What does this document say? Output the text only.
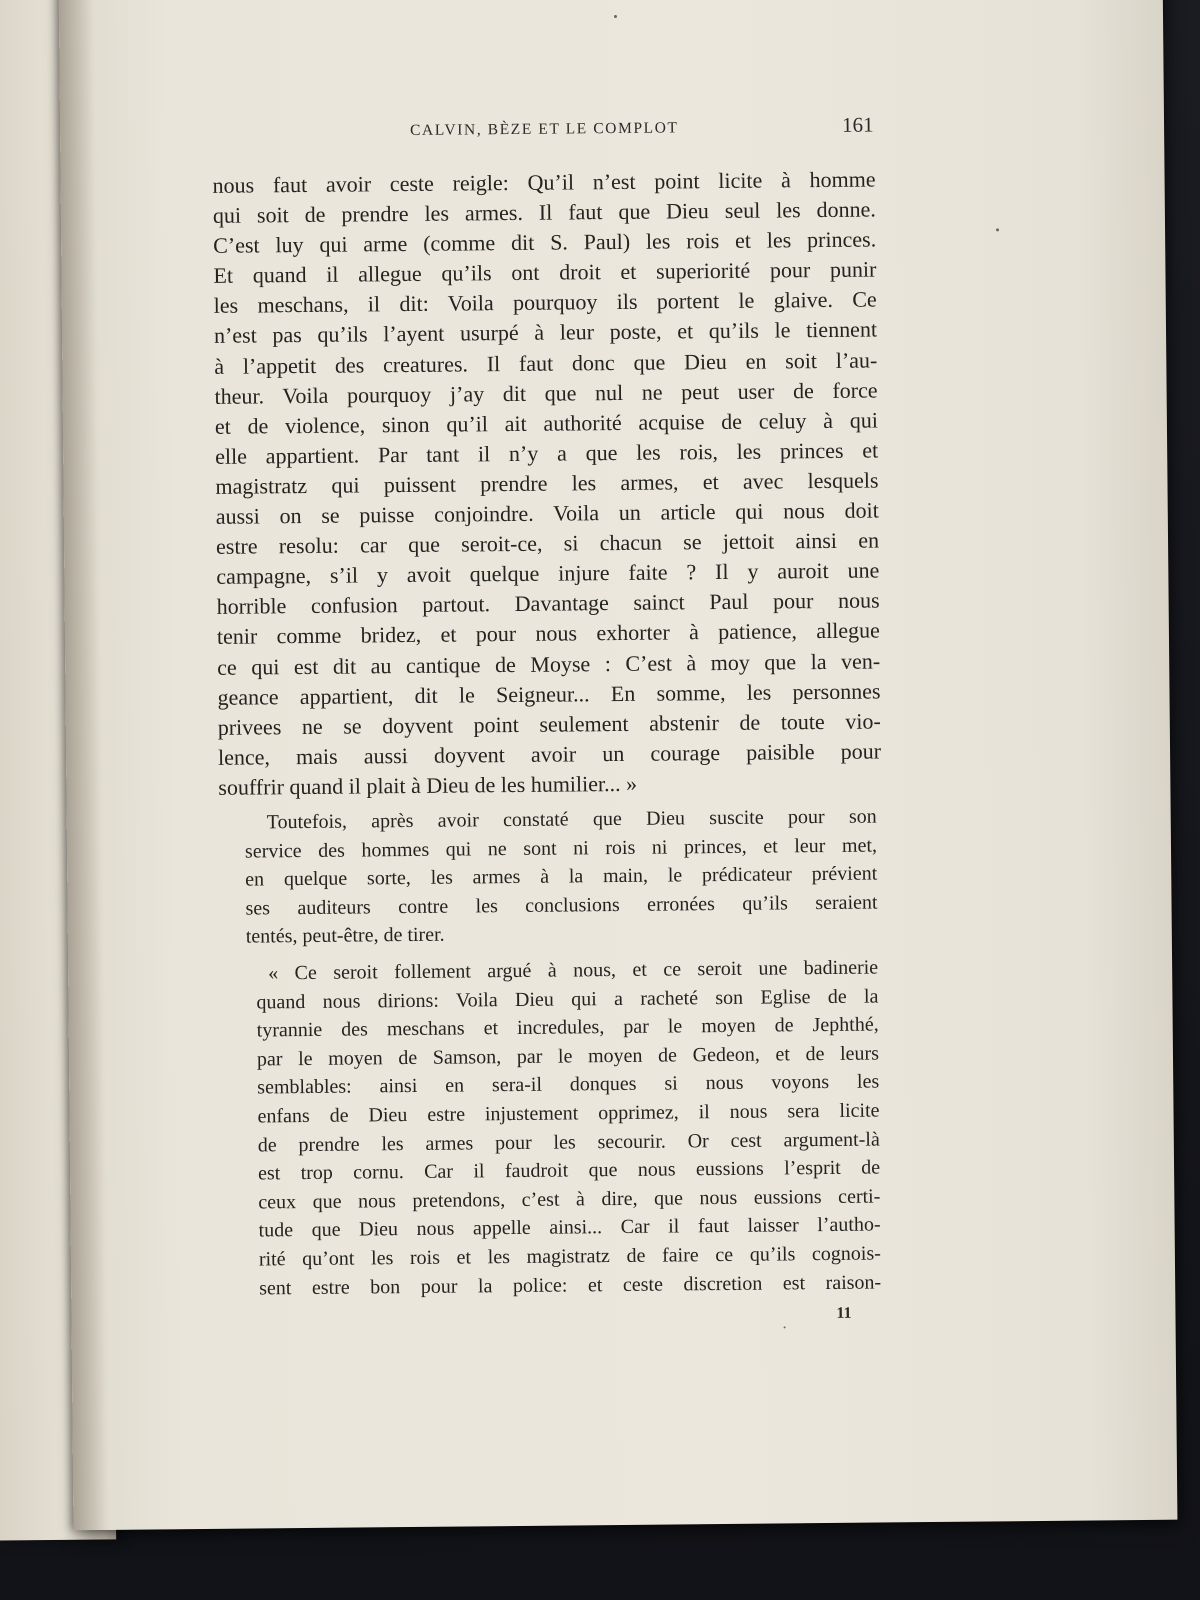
CALVIN, BÈZE ET LE COMPLOT	161
nous faut avoir ceste reigle: Qu’il n’est point licite à homme
qui soit de prendre les armes. Il faut que Dieu seul les donne.
C’est luy qui arme (comme dit S. Paul) les rois et les princes.
Et quand il allegue qu’ils ont droit et superiorité pour punir
les meschans, il dit: Voila pourquoy ils portent le glaive. Ce
n’est pas qu’ils l’ayent usurpé à leur poste, et qu’ils le tiennent
à l’appetit des creatures. Il faut donc que Dieu en soit l’au-
theur. Voila pourquoy j’ay dit que nul ne peut user de force
et de violence, sinon qu’il ait authorité acquise de celuy à qui
elle appartient. Par tant il n’y a que les rois, les princes et
magistratz qui puissent prendre les armes, et avec lesquels
aussi on se puisse conjoindre. Voila un article qui nous doit
estre resolu: car que seroit-ce, si chacun se jettoit ainsi en
campagne, s’il y avoit quelque injure faite ? Il y auroit une
horrible confusion partout. Davantage sainct Paul pour nous
tenir comme bridez, et pour nous exhorter à patience, allegue
ce qui est dit au cantique de Moyse : C’est à moy que la ven-
geance appartient, dit le Seigneur... En somme, les personnes
privees ne se doyvent point seulement abstenir de toute vio-
lence, mais aussi doyvent avoir un courage paisible pour
souffrir quand il plait à Dieu de les humilier... »
Toutefois, après avoir constaté que Dieu suscite pour son
service des hommes qui ne sont ni rois ni princes, et leur met,
en quelque sorte, les armes à la main, le prédicateur prévient
ses auditeurs contre les conclusions erronées qu’ils seraient
tentés, peut-être, de tirer.
« Ce seroit follement argué à nous, et ce seroit une badinerie
quand nous dirions: Voila Dieu qui a racheté son Eglise de la
tyrannie des meschans et incredules, par le moyen de Jephthé,
par le moyen de Samson, par le moyen de Gedeon, et de leurs
semblables: ainsi en sera-il donques si nous voyons les
enfans de Dieu estre injustement opprimez, il nous sera licite
de prendre les armes pour les secourir. Or cest argument-là
est trop cornu. Car il faudroit que nous eussions l’esprit de
ceux que nous pretendons, c’est à dire, que nous eussions certi-
tude que Dieu nous appelle ainsi... Car il faut laisser l’autho-
rité qu’ont les rois et les magistratz de faire ce qu’ils cognois-
sent estre bon pour la police: et ceste discretion est raison-
11
